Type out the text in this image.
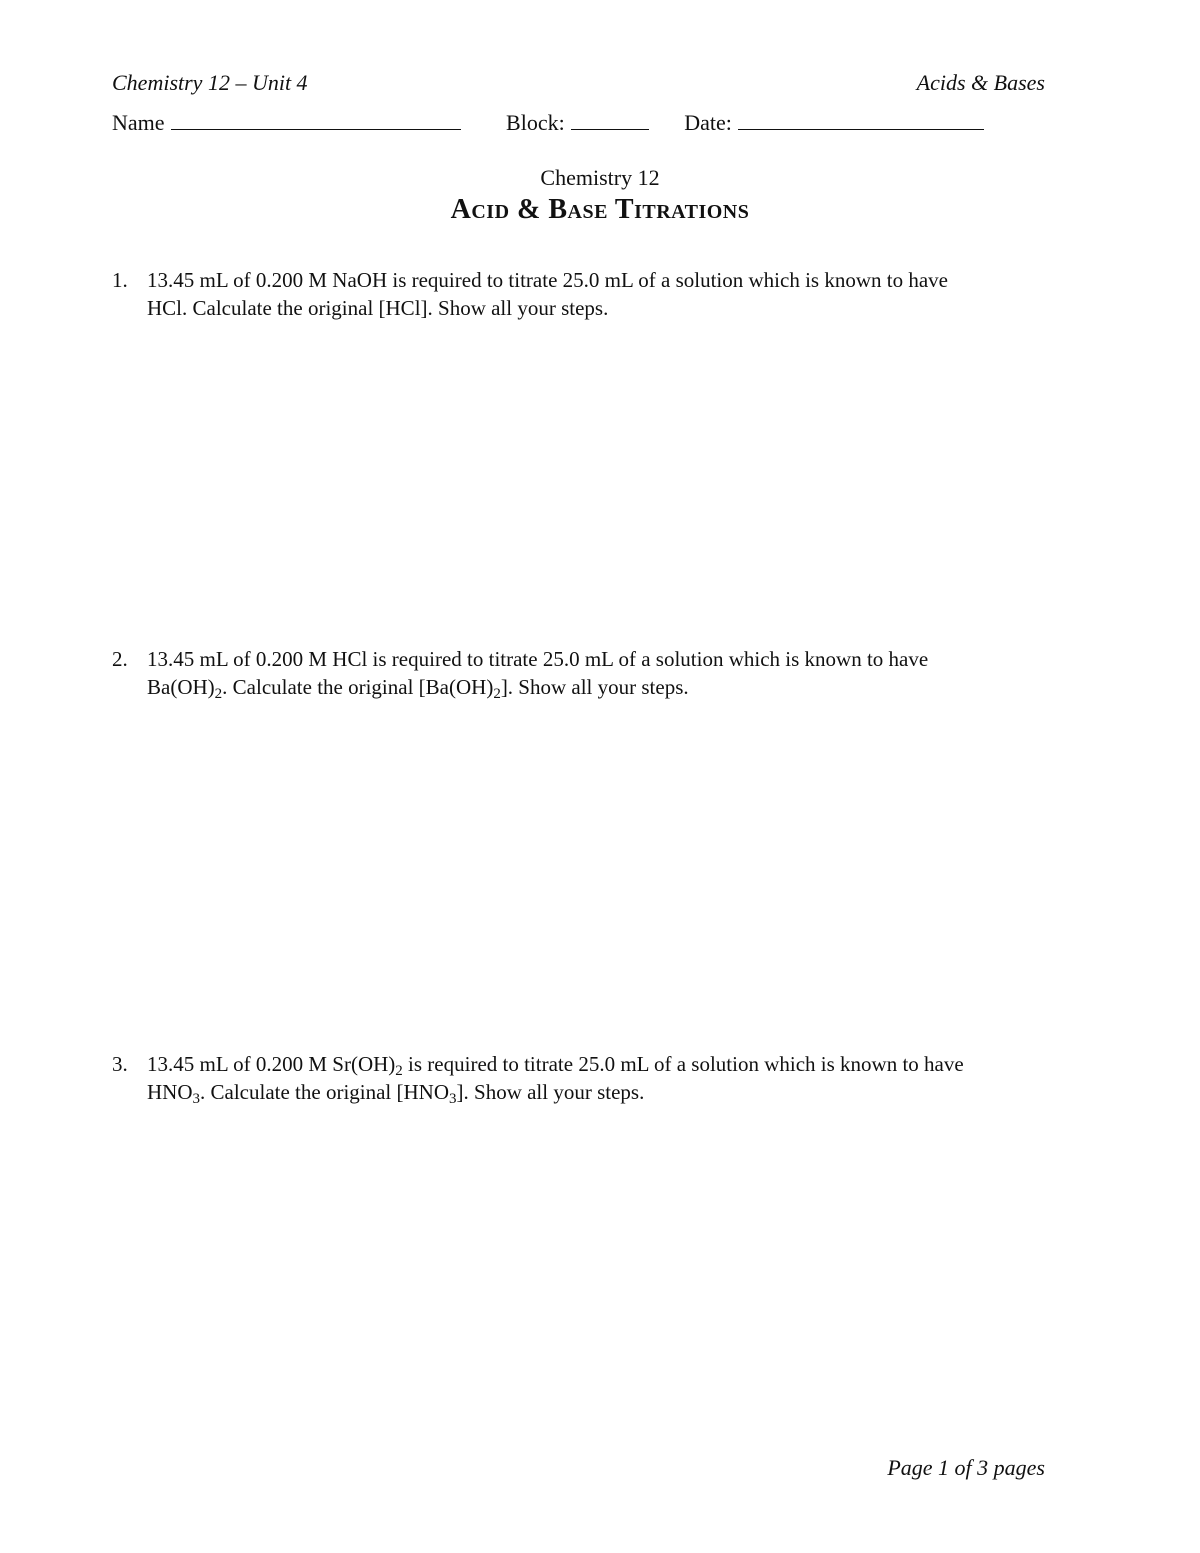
Chemistry 12 – Unit 4	Acids & Bases
Name	Block:	Date:
Chemistry 12
Acid & Base Titrations
1. 13.45 mL of 0.200 M NaOH is required to titrate 25.0 mL of a solution which is known to have
HCl. Calculate the original [HCl]. Show all your steps.
2. 13.45 mL of 0.200 M HCl is required to titrate 25.0 mL of a solution which is known to have
$Ba(OH)_2$. Calculate the original $[Ba(OH)_2]$. Show all your steps.
3. 13.45 mL of 0.200 M $Sr(OH)_2$ is required to titrate 25.0 mL of a solution which is known to have
$HNO_3$. Calculate the original $[HNO_3]$. Show all your steps.
Page 1 of 3 pages
